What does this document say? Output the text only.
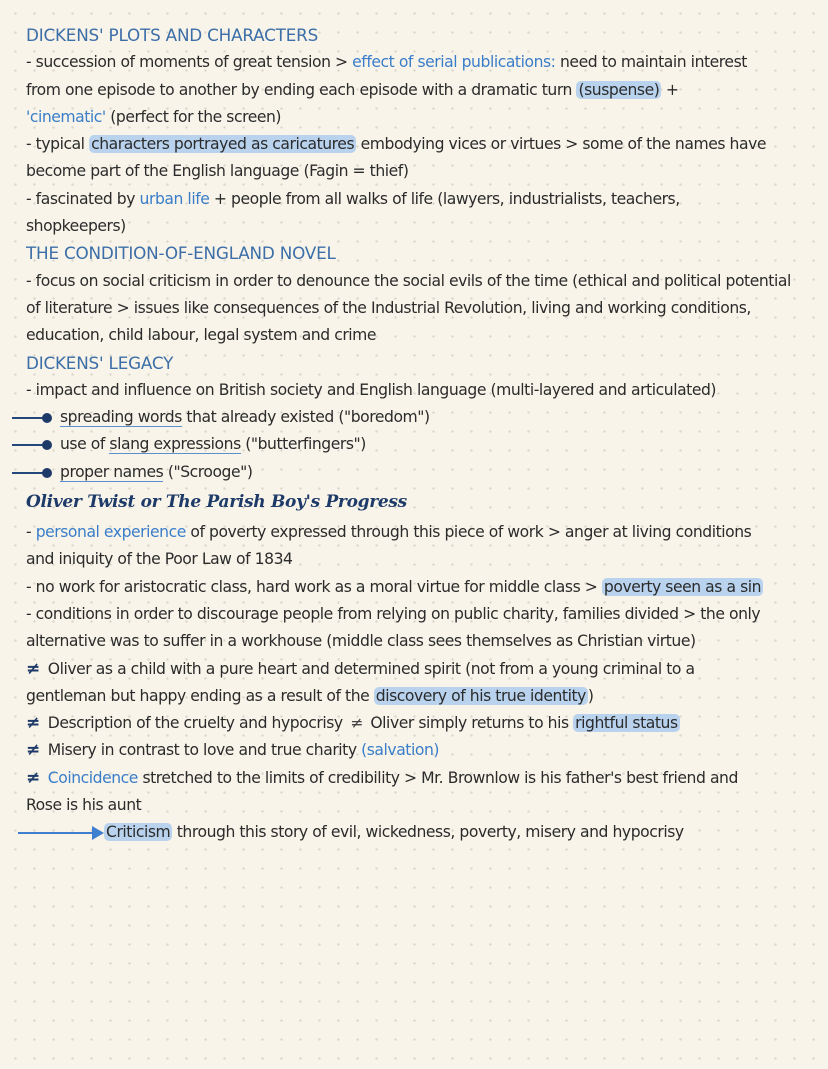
DICKENS' PLOTS AND CHARACTERS
- succession of moments of great tension > effect of serial publications: need to maintain interest
from one episode to another by ending each episode with a dramatic turn (suspense) +
'cinematic' (perfect for the screen)
- typical characters portrayed as caricatures embodying vices or virtues > some of the names have
become part of the English language (Fagin = thief)
- fascinated by urban life + people from all walks of life (lawyers, industrialists, teachers,
shopkeepers)
THE CONDITION-OF-ENGLAND NOVEL
- focus on social criticism in order to denounce the social evils of the time (ethical and political potential
of literature > issues like consequences of the Industrial Revolution, living and working conditions,
education, child labour, legal system and crime
DICKENS' LEGACY
- impact and influence on British society and English language (multi-layered and articulated)
spreading words that already existed ("boredom")
use of slang expressions ("butterfingers")
proper names ("Scrooge")
Oliver Twist or The Parish Boy's Progress
- personal experience of poverty expressed through this piece of work > anger at living conditions
and iniquity of the Poor Law of 1834
- no work for aristocratic class, hard work as a moral virtue for middle class > poverty seen as a sin
- conditions in order to discourage people from relying on public charity, families divided > the only
alternative was to suffer in a workhouse (middle class sees themselves as Christian virtue)
≠ Oliver as a child with a pure heart and determined spirit (not from a young criminal to a
gentleman but happy ending as a result of the discovery of his true identity )
≠ Description of the cruelty and hypocrisy ≠ Oliver simply returns to his rightful status
≠ Misery in contrast to love and true charity (salvation)
≠ Coincidence stretched to the limits of credibility > Mr. Brownlow is his father's best friend and
Rose is his aunt
Criticism through this story of evil, wickedness, poverty, misery and hypocrisy
